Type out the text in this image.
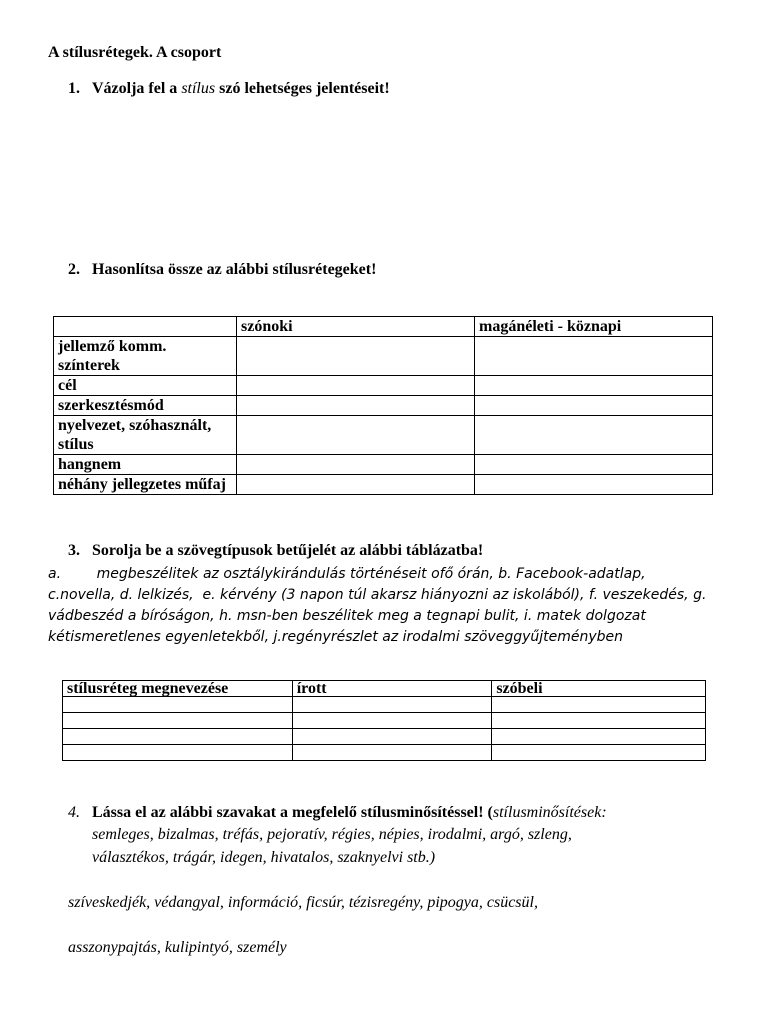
A stílusrétegek. A csoport
1. Vázolja fel a stílus szó lehetséges jelentéseit!
2. Hasonlítsa össze az alábbi stílusrétegeket!
	szónoki	magánéleti - köznapi
jellemző komm. színterek		
cél		
szerkesztésmód		
nyelvezet, szóhasznált, stílus		
hangnem		
néhány jellegzetes műfaj		
3. Sorolja be a szövegtípusok betűjelét az alábbi táblázatba!
a.        megbeszélitek az osztálykirándulás történéseit ofő órán, b. Facebook-adatlap,
c.novella, d. lelkizés,  e. kérvény (3 napon túl akarsz hiányozni az iskolából), f. veszekedés, g.
vádbeszéd a bíróságon, h. msn-ben beszélitek meg a tegnapi bulit, i. matek dolgozat
kétismeretlenes egyenletekből, j.regényrészlet az irodalmi szöveggyűjteményben
stílusréteg megnevezése	írott	szóbeli

4. Lássa el az alábbi szavakat a megfelelő stílusminősítéssel! (stílusminősítések:
semleges, bizalmas, tréfás, pejoratív, régies, népies, irodalmi, argó, szleng,
választékos, trágár, idegen, hivatalos, szaknyelvi stb.)
szíveskedjék, védangyal, információ, ficsúr, tézisregény, pipogya, csücsül,
asszonypajtás, kulipintyó, személy
